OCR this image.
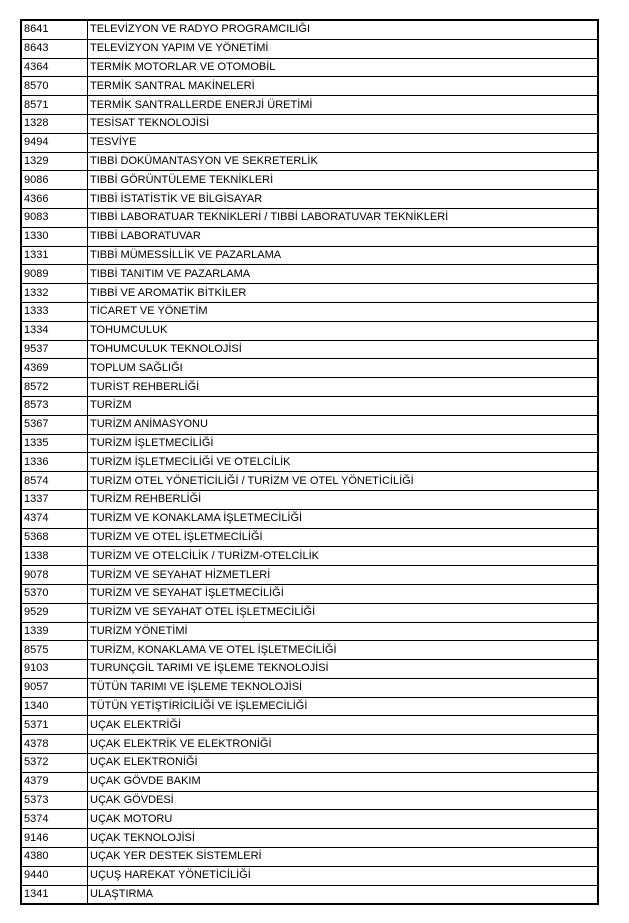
8641	TELEVİZYON VE RADYO PROGRAMCILIĞI
8643	TELEVİZYON YAPIM VE YÖNETİMİ
4364	TERMİK MOTORLAR VE OTOMOBİL
8570	TERMİK SANTRAL MAKİNELERİ
8571	TERMİK SANTRALLERDE ENERJİ ÜRETİMİ
1328	TESİSAT TEKNOLOJİSİ
9494	TESVİYE
1329	TIBBİ DOKÜMANTASYON VE SEKRETERLİK
9086	TIBBİ GÖRÜNTÜLEME TEKNİKLERİ
4366	TIBBİ İSTATİSTİK VE BİLGİSAYAR
9083	TIBBİ LABORATUAR TEKNİKLERİ / TIBBİ LABORATUVAR TEKNİKLERİ
1330	TIBBİ LABORATUVAR
1331	TIBBİ MÜMESSİLLİK VE PAZARLAMA
9089	TIBBİ TANITIM VE PAZARLAMA
1332	TIBBİ VE AROMATİK BİTKİLER
1333	TİCARET VE YÖNETİM
1334	TOHUMCULUK
9537	TOHUMCULUK TEKNOLOJİSİ
4369	TOPLUM SAĞLIĞI
8572	TURİST REHBERLİĞİ
8573	TURİZM
5367	TURİZM ANİMASYONU
1335	TURİZM İŞLETMECİLİĞİ
1336	TURİZM İŞLETMECİLİĞİ VE OTELCİLİK
8574	TURİZM OTEL YÖNETİCİLİĞİ / TURİZM VE OTEL YÖNETİCİLİĞİ
1337	TURİZM REHBERLİĞİ
4374	TURİZM VE KONAKLAMA İŞLETMECİLİĞİ
5368	TURİZM VE OTEL İŞLETMECİLİĞİ
1338	TURİZM VE OTELCİLİK / TURİZM-OTELCİLİK
9078	TURİZM VE SEYAHAT HİZMETLERİ
5370	TURİZM VE SEYAHAT İŞLETMECİLİĞİ
9529	TURİZM VE SEYAHAT OTEL İŞLETMECİLİĞİ
1339	TURİZM YÖNETİMİ
8575	TURİZM, KONAKLAMA VE OTEL İŞLETMECİLİĞİ
9103	TURUNÇGİL TARIMI VE İŞLEME TEKNOLOJİSİ
9057	TÜTÜN TARIMI VE İŞLEME TEKNOLOJİSİ
1340	TÜTÜN YETİŞTİRİCİLİĞİ VE İŞLEMECİLİĞİ
5371	UÇAK ELEKTRİĞİ
4378	UÇAK ELEKTRİK VE ELEKTRONİĞİ
5372	UÇAK ELEKTRONİĞİ
4379	UÇAK GÖVDE BAKIM
5373	UÇAK GÖVDESİ
5374	UÇAK MOTORU
9146	UÇAK TEKNOLOJİSİ
4380	UÇAK YER DESTEK SİSTEMLERİ
9440	UÇUŞ HAREKAT YÖNETİCİLİĞİ
1341	ULAŞTIRMA
